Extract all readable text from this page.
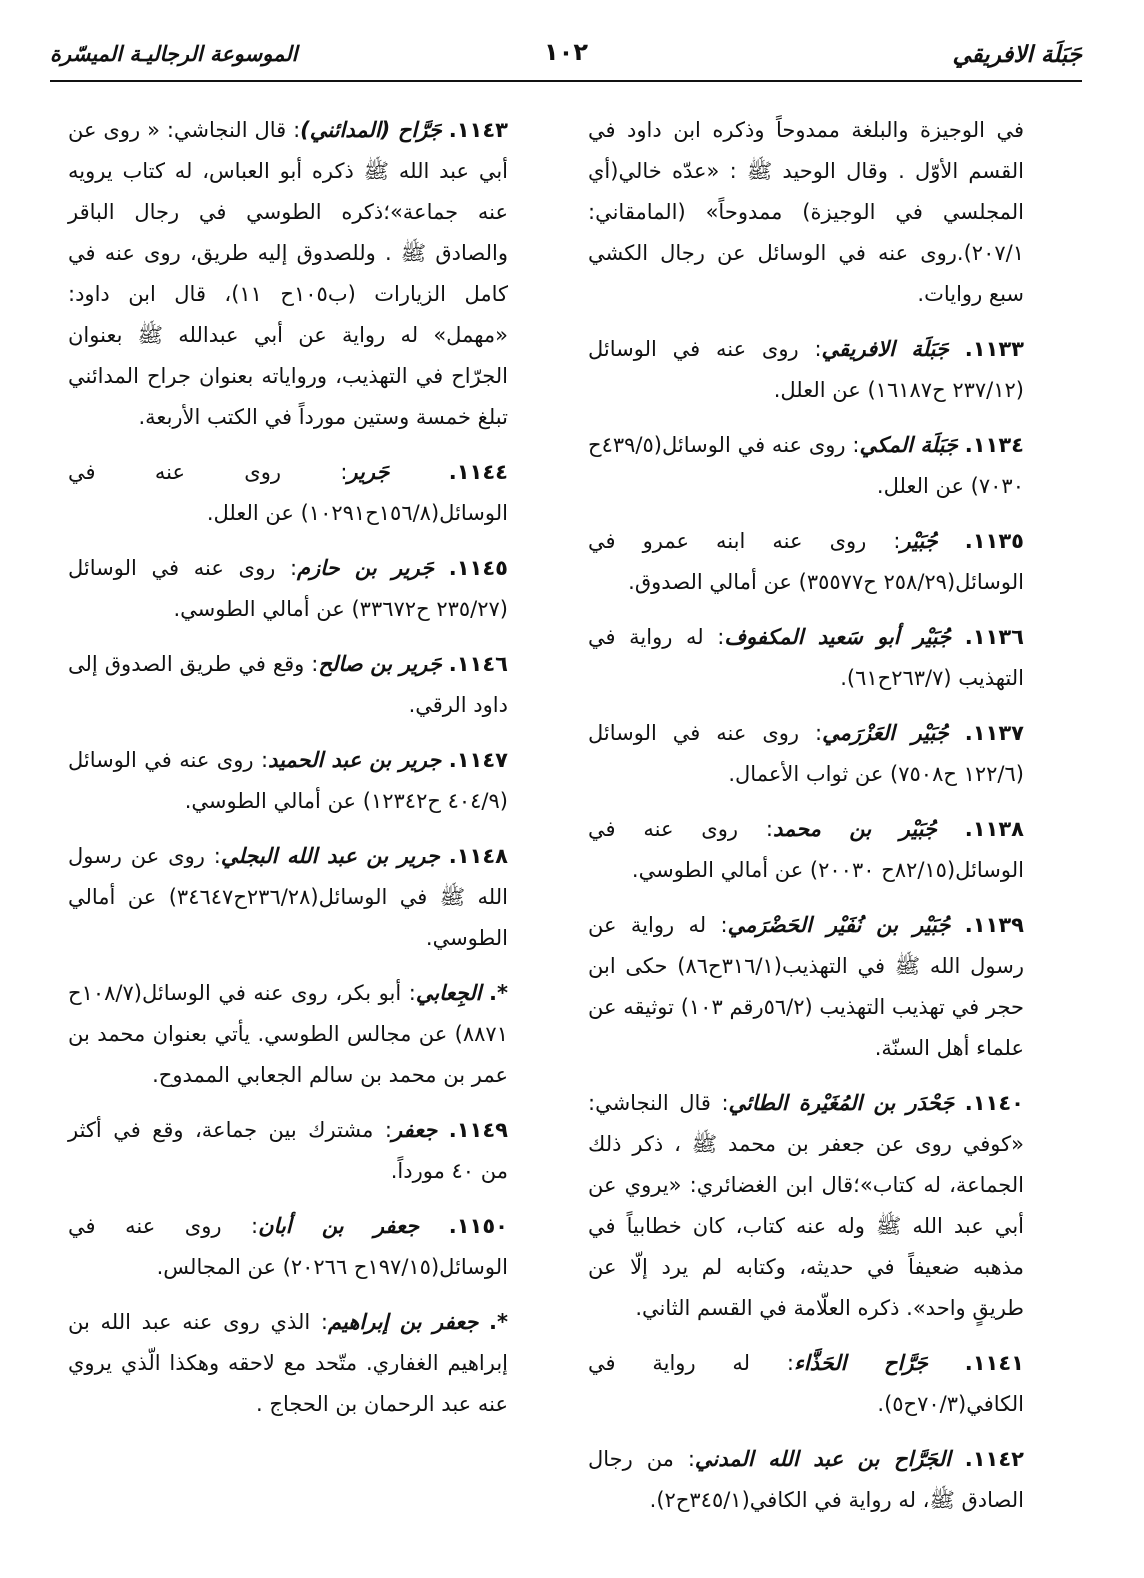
جَبَلَة الافريقي
١٠٢
الموسوعة الرجاليـة الميسّرة

في الوجيزة والبلغة ممدوحاً وذكره ابن داود في القسم الأوّل . وقال الوحيد ﷺ : «عدّه خالي(أي المجلسي في الوجيزة) ممدوحاً» (المامقاني: ٢٠٧/١).روى عنه في الوسائل عن رجال الكشي سبع روايات.

١١٣٣. جَبَلَة الافريقي: روى عنه في الوسائل (٢٣٧/١٢ ح١٦١٨٧) عن العلل.

١١٣٤. جَبَلَة المكي: روى عنه في الوسائل(٤٣٩/٥ح ٧٠٣٠) عن العلل.

١١٣٥. جُبَيْر: روى عنه ابنه عمرو في الوسائل(٢٥٨/٢٩ ح٣٥٥٧٧) عن أمالي الصدوق.

١١٣٦. جُبَيْر أبو سَعيد المكفوف: له رواية في التهذيب (٢٦٣/٧ح٦١).

١١٣٧. جُبَيْر العَزْرَمي: روى عنه في الوسائل (١٢٢/٦ ح٧٥٠٨) عن ثواب الأعمال.

١١٣٨. جُبَيْر بن محمد: روى عنه في الوسائل(٨٢/١٥ح ٢٠٠٣٠) عن أمالي الطوسي.

١١٣٩. جُبَيْر بن نُفَيْر الحَضْرَمي: له رواية عن رسول الله ﷺ في التهذيب(٣١٦/١ح٨٦) حكى ابن حجر في تهذيب التهذيب (٥٦/٢رقم ١٠٣) توثيقه عن علماء أهل السنّة.

١١٤٠. جَحْدَر بن المُغَيْرة الطائي: قال النجاشي: «كوفي روى عن جعفر بن محمد ﷺ ، ذكر ذلك الجماعة، له كتاب»؛قال ابن الغضائري: «يروي عن أبي عبد الله ﷺ وله عنه كتاب، كان خطابياً في مذهبه ضعيفاً في حديثه، وكتابه لم يرد إلّا عن طريقٍ واحد». ذكره العلّامة في القسم الثاني.

١١٤١. جَرَّاح الحَذَّاء: له رواية في الكافي(٧٠/٣ح٥).

١١٤٢. الجَرَّاح بن عبد الله المدني: من رجال الصادق ﷺ، له رواية في الكافي(٣٤٥/١ح٢).

١١٤٣. جَرَّاح (المدائني): قال النجاشي: « روى عن أبي عبد الله ﷺ ذكره أبو العباس، له كتاب يرويه عنه جماعة»؛ذكره الطوسي في رجال الباقر والصادق ﷺ . وللصدوق إليه طريق، روى عنه في كامل الزيارات (ب١٠٥ح ١١)، قال ابن داود: «مهمل» له رواية عن أبي عبدالله ﷺ بعنوان الجرّاح في التهذيب، ورواياته بعنوان جراح المدائني تبلغ خمسة وستين مورداً في الكتب الأربعة.

١١٤٤. جَرير: روى عنه في الوسائل(١٥٦/٨ح١٠٢٩١) عن العلل.

١١٤٥. جَرير بن حازم: روى عنه في الوسائل (٢٣٥/٢٧ ح٣٣٦٧٢) عن أمالي الطوسي.

١١٤٦. جَرير بن صالح: وقع في طريق الصدوق إلى داود الرقي.

١١٤٧. جرير بن عبد الحميد: روى عنه في الوسائل (٤٠٤/٩ ح١٢٣٤٢) عن أمالي الطوسي.

١١٤٨. جرير بن عبد الله البجلي: روى عن رسول الله ﷺ في الوسائل(٢٣٦/٢٨ح٣٤٦٤٧) عن أمالي الطوسي.

*. الجِعابي: أبو بكر، روى عنه في الوسائل(١٠٨/٧ح ٨٨٧١) عن مجالس الطوسي. يأتي بعنوان محمد بن عمر بن محمد بن سالم الجعابي الممدوح.

١١٤٩. جعفر: مشترك بين جماعة، وقع في أكثر من ٤٠ مورداً.

١١٥٠. جعفر بن أبان: روى عنه في الوسائل(١٩٧/١٥ح ٢٠٢٦٦) عن المجالس.

*. جعفر بن إبراهيم: الذي روى عنه عبد الله بن إبراهيم الغفاري. متّحد مع لاحقه وهكذا الّذي يروي عنه عبد الرحمان بن الحجاج .
